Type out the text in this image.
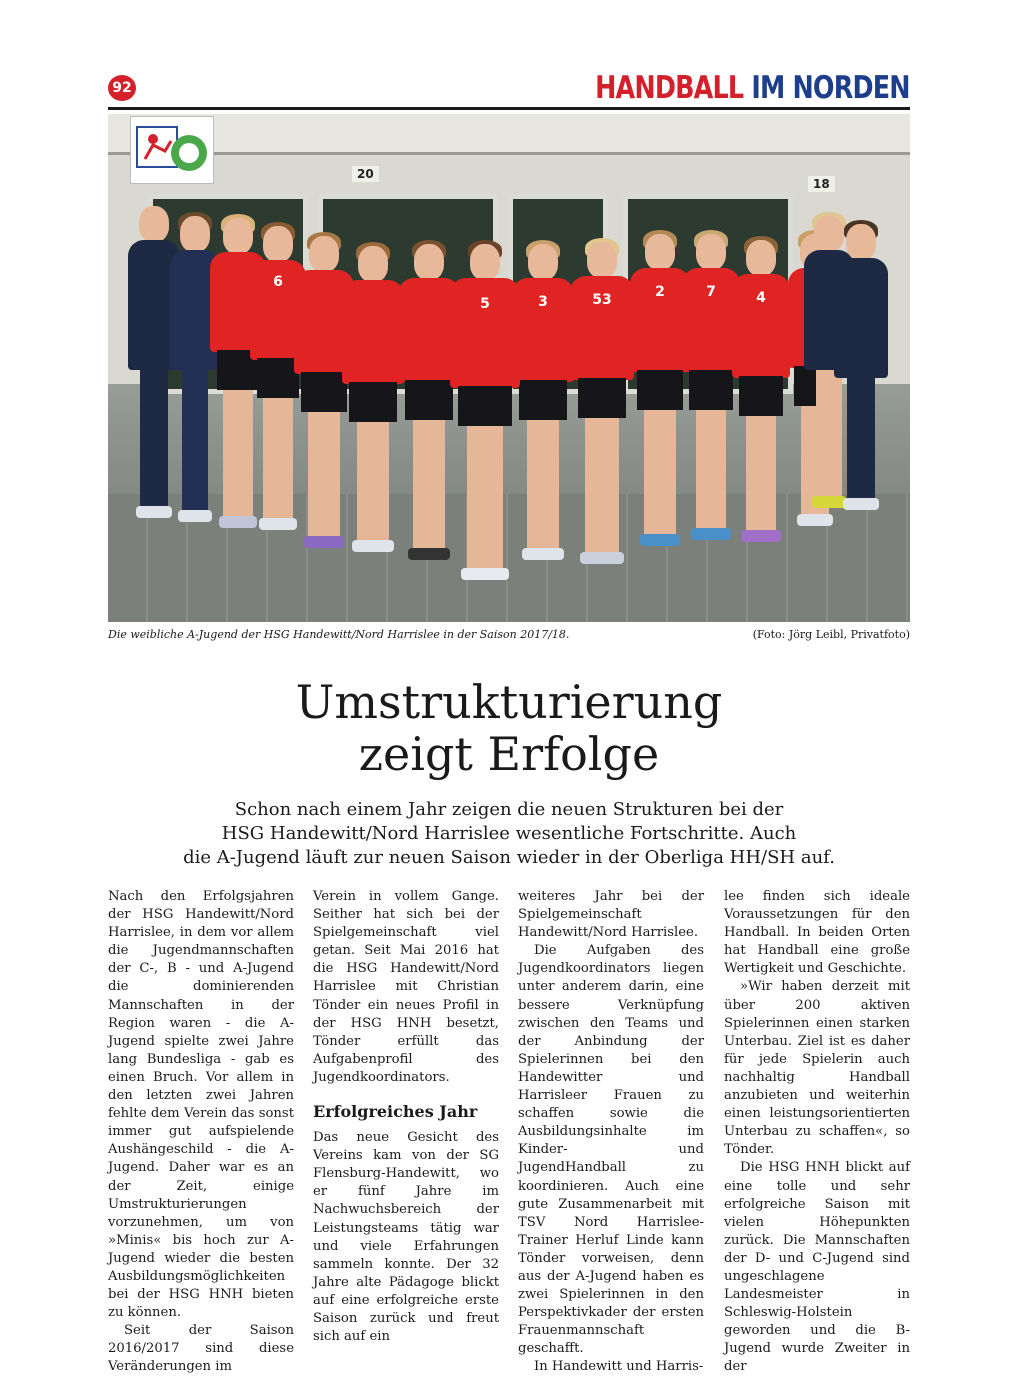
92	HANDBALL IM NORDEN
20
18
6
3	53	2	7	4
5
Die weibliche A-Jugend der HSG Handewitt/Nord Harrislee in der Saison 2017/18.	(Foto: Jörg Leibl, Privatfoto)
Umstrukturierung
zeigt Erfolge
Schon nach einem Jahr zeigen die neuen Strukturen bei der
HSG Handewitt/Nord Harrislee wesentliche Fortschritte. Auch
die A-Jugend läuft zur neuen Saison wieder in der Oberliga HH/SH auf.

Nach den Erfolgsjahren der HSG Handewitt/Nord Harrislee, in dem vor allem die Jugendmannschaften der C-, B - und A-Jugend die dominierenden Mannschaften in der Region waren - die A-Jugend spielte zwei Jahre lang Bundesliga - gab es einen Bruch. Vor allem in den letzten zwei Jahren fehlte dem Verein das sonst immer gut aufspielende Aushängeschild - die A-Jugend. Daher war es an der Zeit, einige Umstrukturierungen vorzunehmen, um von »Minis« bis hoch zur A-Jugend wieder die besten Ausbildungsmöglichkeiten bei der HSG HNH bieten zu können.

Seit der Saison 2016/2017 sind diese Veränderungen im

Verein in vollem Gange. Seither hat sich bei der Spielgemeinschaft viel getan. Seit Mai 2016 hat die HSG Handewitt/Nord Harrislee mit Christian Tönder ein neues Profil in der HSG HNH besetzt, Tönder erfüllt das Aufgabenprofil des Jugendkoordinators.

Erfolgreiches Jahr

Das neue Gesicht des Vereins kam von der SG Flensburg-Handewitt, wo er fünf Jahre im Nachwuchsbereich der Leistungsteams tätig war und viele Erfahrungen sammeln konnte. Der 32 Jahre alte Pädagoge blickt auf eine erfolgreiche erste Saison zurück und freut sich auf ein

weiteres Jahr bei der Spielgemeinschaft Handewitt/Nord Harrislee.

Die Aufgaben des Jugendkoordinators liegen unter anderem darin, eine bessere Verknüpfung zwischen den Teams und der Anbindung der Spielerinnen bei den Handewitter und Harrisleer Frauen zu schaffen sowie die Ausbildungsinhalte im Kinder- und JugendHandball zu koordinieren. Auch eine gute Zusammenarbeit mit TSV Nord Harrislee-Trainer Herluf Linde kann Tönder vorweisen, denn aus der A-Jugend haben es zwei Spielerinnen in den Perspektivkader der ersten Frauenmannschaft geschafft.

In Handewitt und Harris-

lee finden sich ideale Voraussetzungen für den Handball. In beiden Orten hat Handball eine große Wertigkeit und Geschichte.

»Wir haben derzeit mit über 200 aktiven Spielerinnen einen starken Unterbau. Ziel ist es daher für jede Spielerin auch nachhaltig Handball anzubieten und weiterhin einen leistungsorientierten Unterbau zu schaffen«, so Tönder.

Die HSG HNH blickt auf eine tolle und sehr erfolgreiche Saison mit vielen Höhepunkten zurück. Die Mannschaften der D- und C-Jugend sind ungeschlagene Landesmeister in Schleswig-Holstein geworden und die B-Jugend wurde Zweiter in der
